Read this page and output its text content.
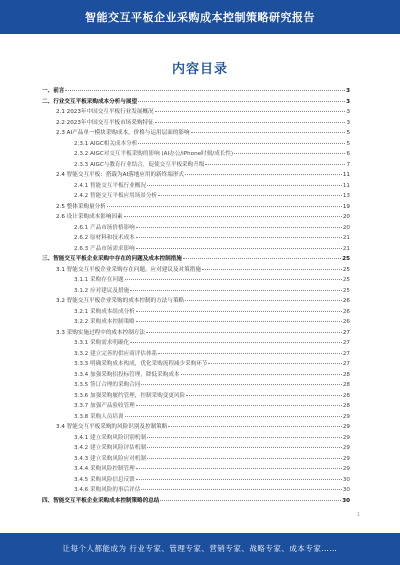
智能交互平板企业采购成本控制策略研究报告
内容目录
一、前言	3
二、行业交互平板采购成本分析与展望	3
2.1 2023年中国交互平板行业发展概况	3
2.2 2023年中国交互平板市场采购特征	3
2.3 AI产品单一模块采购成本、价格与运用层面的影响	5
2.3.1 AIGC相关成本分析	5
2.3.2 AIGC对交互平板采购的影响 (AI办公/iPhone时刻/成长性)	6
2.3.3 AIGC与教育行业结合，促使交互平板采购升级	7
2.4 智能交互平板：搭载为AI落地应用的新终端形式	11
2.4.1 智能交互平板行业概况	11
2.4.2 智能交互平板应用场景分析	13
2.5 整体采购量分析	19
2.6 设计采购成本影响因素	20
2.6.1 产品市场价格影响	20
2.6.2 原材料和技术成本	21
2.6.3 产品市场需求影响	21
三、智能交互平板企业采购中存在的问题及成本控制措施	25
3.1 智能交互平板企业采购存在问题，应对建议及对策措施	25
3.1.1 采购存在问题	25
3.1.2 应对建议及措施	25
3.2 智能交互平板企业采购的成本控制的方法与策略	26
3.2.1 采购成本组成分析	26
3.2.2 采购成本控制策略	26
3.3 采购实施过程中的成本控制方法	27
3.3.1 采购需求明确化	27
3.3.2 建立完善的供应商评估体系	27
3.3.3 明确采购成本构成，优化采购流程减少采购环节	27
3.3.4 加强采购招投标管理，降低采购成本	28
3.3.5 签订合理的采购合同	28
3.3.6 加强采购履约管理，控制采购变更风险	28
3.3.7 加强产品验收管理	28
3.3.8 采购人员培训	29
3.4 智能交互平板采购的风险识别及控制策略	29
3.4.1 建立采购风险识别机制	29
3.4.2 建立采购风险评估机制	29
3.4.3 建立采购风险应对机制	29
3.4.4 采购风险控制管理	29
3.4.5 采购风险信息反馈	30
3.4.6 采购风险的事后评估	30
四、智能交互平板企业采购成本控制策略的总结	30
1
让每个人都能成为 行业专家、管理专家、营销专家、战略专家、成本专家……
